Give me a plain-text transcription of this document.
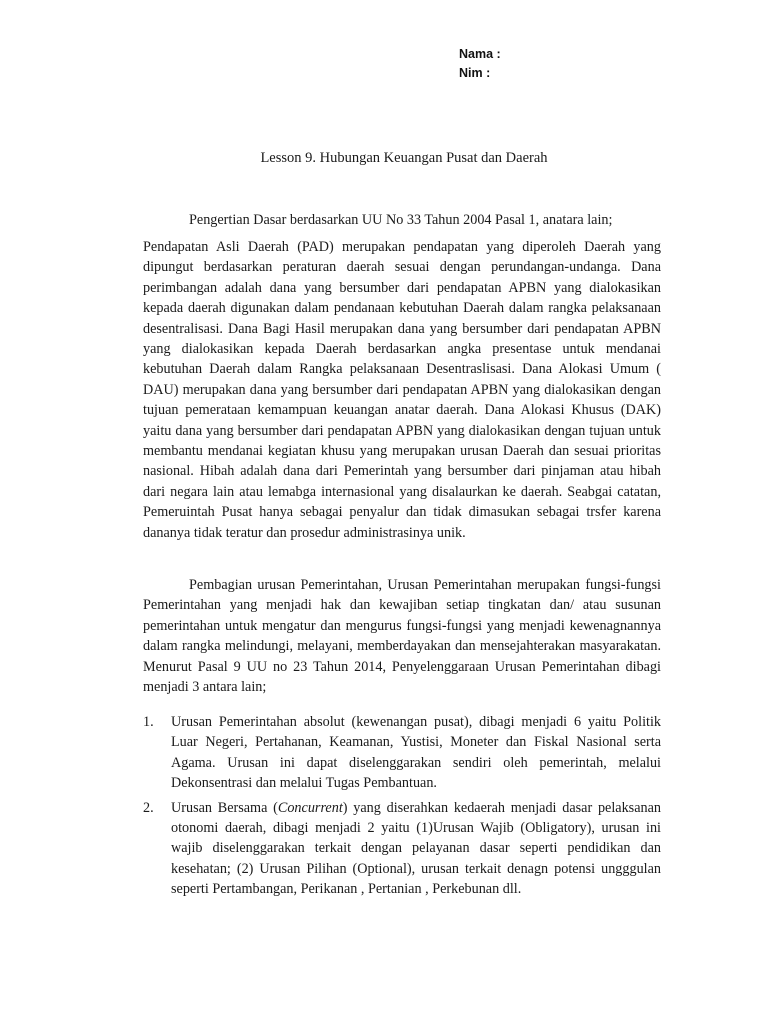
Nama :
Nim :
Lesson 9. Hubungan Keuangan Pusat dan Daerah
Pengertian Dasar berdasarkan UU No 33 Tahun 2004 Pasal 1, anatara lain;
Pendapatan Asli Daerah (PAD) merupakan pendapatan yang diperoleh Daerah yang dipungut berdasarkan peraturan daerah sesuai dengan perundangan-undanga. Dana perimbangan adalah dana yang bersumber dari pendapatan APBN yang dialokasikan kepada daerah digunakan dalam pendanaan kebutuhan Daerah dalam rangka pelaksanaan desentralisasi. Dana Bagi Hasil merupakan dana yang bersumber dari pendapatan APBN yang dialokasikan kepada Daerah berdasarkan angka presentase untuk mendanai kebutuhan Daerah dalam Rangka pelaksanaan Desentraslisasi. Dana Alokasi Umum ( DAU) merupakan dana yang bersumber dari pendapatan APBN yang dialokasikan dengan tujuan pemerataan kemampuan keuangan anatar daerah. Dana Alokasi Khusus (DAK) yaitu dana yang bersumber dari pendapatan APBN yang dialokasikan dengan tujuan untuk membantu mendanai kegiatan khusu yang merupakan urusan Daerah dan sesuai prioritas nasional. Hibah adalah dana dari Pemerintah yang bersumber dari pinjaman atau hibah dari negara lain atau lemabga internasional yang disalaurkan ke daerah. Seabgai catatan, Pemeruintah Pusat hanya sebagai penyalur dan tidak dimasukan sebagai trsfer karena dananya tidak teratur dan prosedur administrasinya unik.
Pembagian urusan Pemerintahan, Urusan Pemerintahan merupakan fungsi-fungsi Pemerintahan yang menjadi hak dan kewajiban setiap tingkatan dan/ atau susunan pemerintahan untuk mengatur dan mengurus fungsi-fungsi yang menjadi kewenagnannya dalam rangka melindungi, melayani, memberdayakan dan mensejahterakan masyarakatan. Menurut Pasal 9 UU no 23 Tahun 2014, Penyelenggaraan Urusan Pemerintahan dibagi menjadi 3 antara lain;
1. Urusan Pemerintahan absolut (kewenangan pusat), dibagi menjadi 6 yaitu Politik Luar Negeri, Pertahanan, Keamanan, Yustisi, Moneter dan Fiskal Nasional serta Agama. Urusan ini dapat diselenggarakan sendiri oleh pemerintah, melalui Dekonsentrasi dan melalui Tugas Pembantuan.
2. Urusan Bersama (Concurrent) yang diserahkan kedaerah menjadi dasar pelaksanan otonomi daerah, dibagi menjadi 2 yaitu (1)Urusan Wajib (Obligatory), urusan ini wajib diselenggarakan terkait dengan pelayanan dasar seperti pendidikan dan kesehatan; (2) Urusan Pilihan (Optional), urusan terkait denagn potensi ungggulan seperti Pertambangan, Perikanan , Pertanian , Perkebunan dll.
